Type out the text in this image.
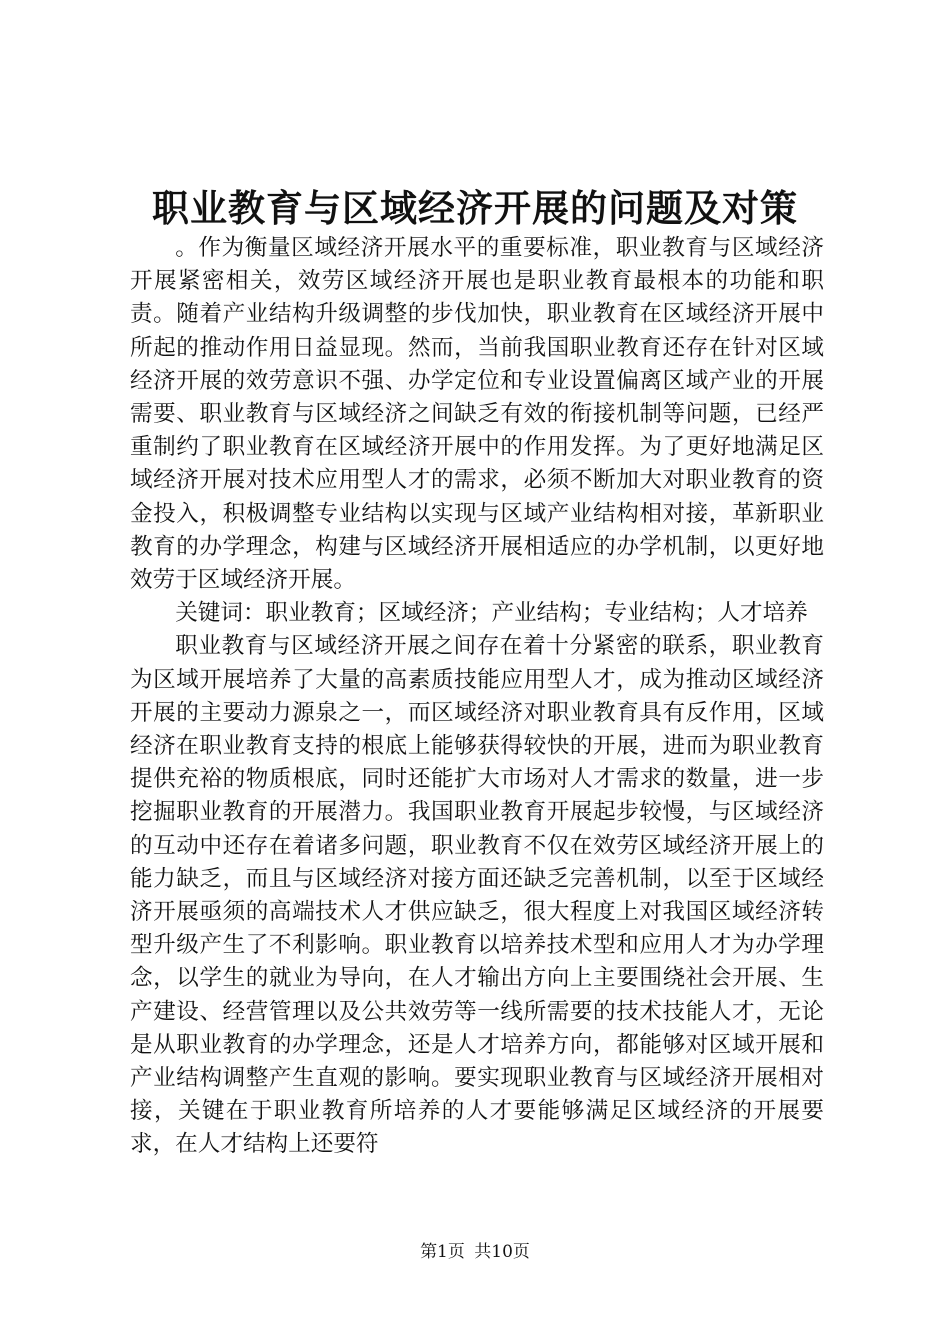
职业教育与区域经济开展的问题及对策

。作为衡量区域经济开展水平的重要标准，职业教育与区域经济开展紧密相关，效劳区域经济开展也是职业教育最根本的功能和职责。随着产业结构升级调整的步伐加快，职业教育在区域经济开展中所起的推动作用日益显现。然而，当前我国职业教育还存在针对区域经济开展的效劳意识不强、办学定位和专业设置偏离区域产业的开展需要、职业教育与区域经济之间缺乏有效的衔接机制等问题，已经严重制约了职业教育在区域经济开展中的作用发挥。为了更好地满足区域经济开展对技术应用型人才的需求，必须不断加大对职业教育的资金投入，积极调整专业结构以实现与区域产业结构相对接，革新职业教育的办学理念，构建与区域经济开展相适应的办学机制，以更好地效劳于区域经济开展。

关键词：职业教育；区域经济；产业结构；专业结构；人才培养

职业教育与区域经济开展之间存在着十分紧密的联系，职业教育为区域开展培养了大量的高素质技能应用型人才，成为推动区域经济开展的主要动力源泉之一，而区域经济对职业教育具有反作用，区域经济在职业教育支持的根底上能够获得较快的开展，进而为职业教育提供充裕的物质根底，同时还能扩大市场对人才需求的数量，进一步挖掘职业教育的开展潜力。我国职业教育开展起步较慢，与区域经济的互动中还存在着诸多问题，职业教育不仅在效劳区域经济开展上的能力缺乏，而且与区域经济对接方面还缺乏完善机制，以至于区域经济开展亟须的高端技术人才供应缺乏，很大程度上对我国区域经济转型升级产生了不利影响。职业教育以培养技术型和应用人才为办学理念，以学生的就业为导向，在人才输出方向上主要围绕社会开展、生产建设、经营管理以及公共效劳等一线所需要的技术技能人才，无论是从职业教育的办学理念，还是人才培养方向，都能够对区域开展和产业结构调整产生直观的影响。要实现职业教育与区域经济开展相对接，关键在于职业教育所培养的人才要能够满足区域经济的开展要求，在人才结构上还要符

第1页 共10页
